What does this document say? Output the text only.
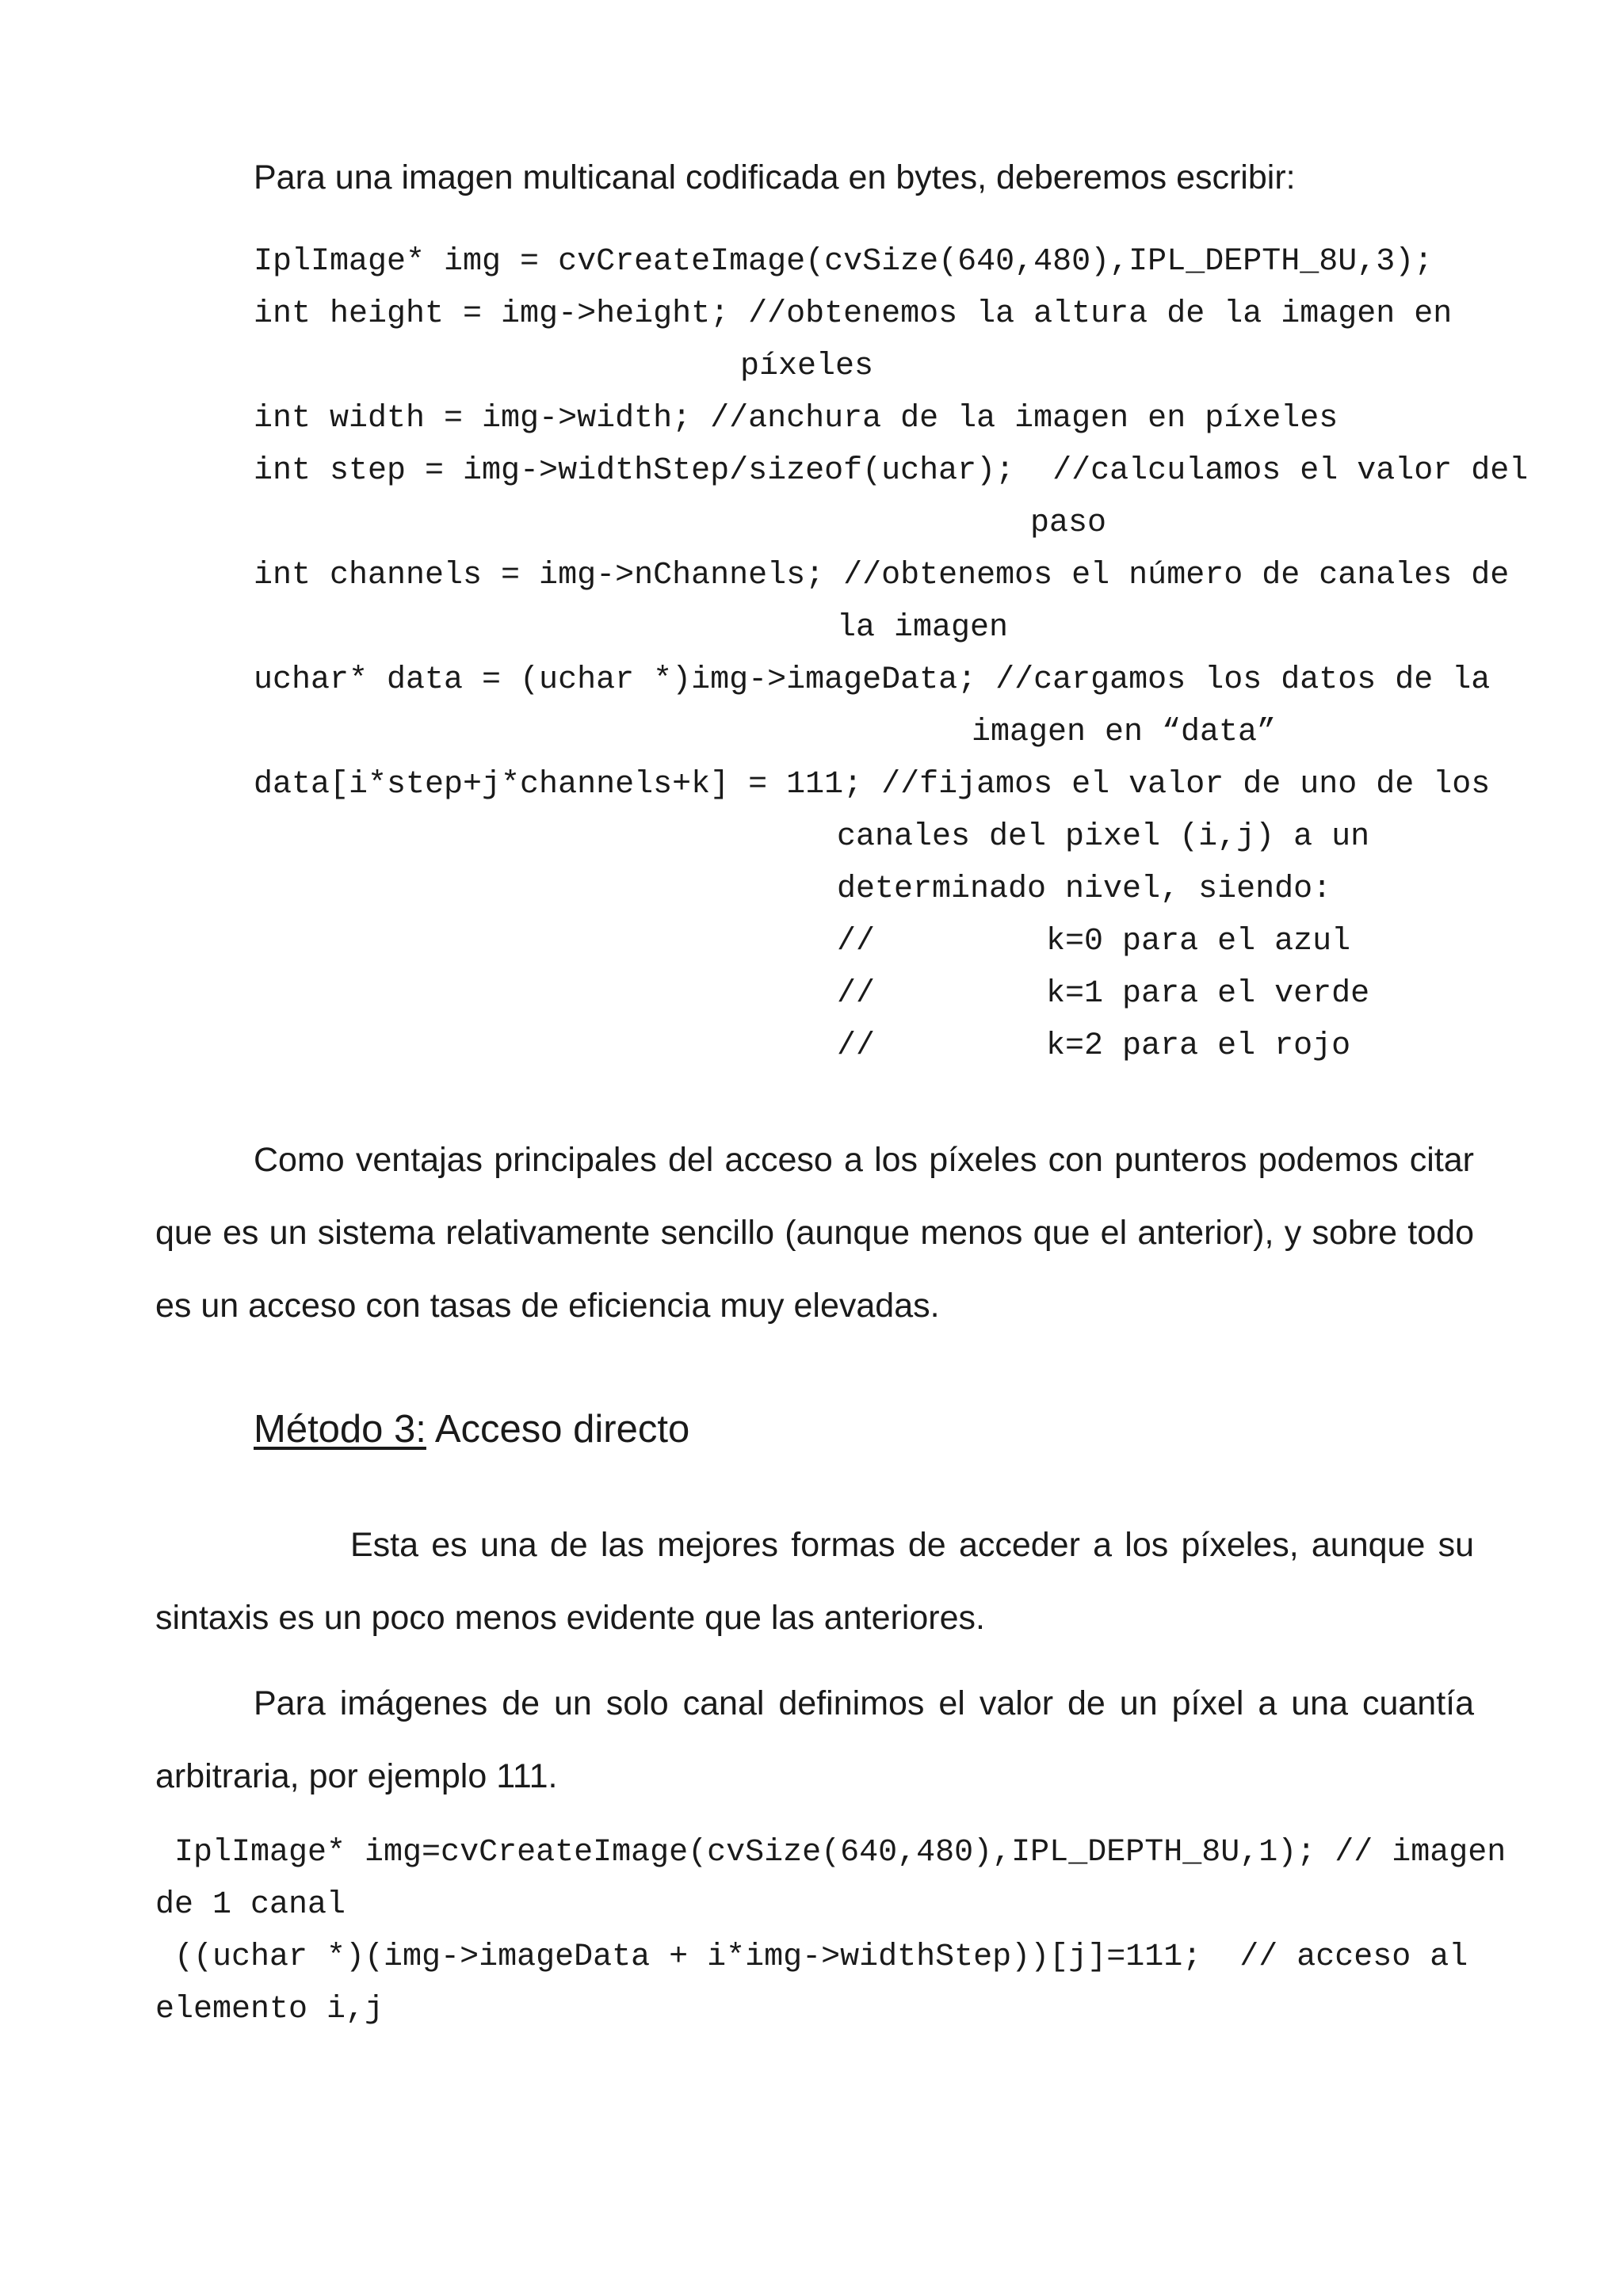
Para una imagen multicanal codificada en bytes, deberemos escribir:
IplImage* img = cvCreateImage(cvSize(640,480),IPL_DEPTH_8U,3);
int height = img->height; //obtenemos la altura de la imagen en
píxeles
int width = img->width; //anchura de la imagen en píxeles
int step = img->widthStep/sizeof(uchar);  //calculamos el valor del
paso
int channels = img->nChannels; //obtenemos el número de canales de
la imagen
uchar* data = (uchar *)img->imageData; //cargamos los datos de la
imagen en “data”
data[i*step+j*channels+k] = 111; //fijamos el valor de uno de los
canales del pixel (i,j) a un
determinado nivel, siendo:
//         k=0 para el azul
//         k=1 para el verde
//         k=2 para el rojo
Como ventajas principales del acceso a los píxeles con punteros podemos citar que es un sistema relativamente sencillo (aunque menos que el anterior), y sobre todo es un acceso con tasas de eficiencia muy elevadas.
Método 3: Acceso directo
Esta es una de las mejores formas de acceder a los píxeles, aunque su sintaxis es un poco menos evidente que las anteriores.
Para imágenes de un solo canal definimos el valor de un píxel a una cuantía arbitraria, por ejemplo 111.
IplImage* img=cvCreateImage(cvSize(640,480),IPL_DEPTH_8U,1); // imagen
de 1 canal
((uchar *)(img->imageData + i*img->widthStep))[j]=111;  // acceso al
elemento i,j
